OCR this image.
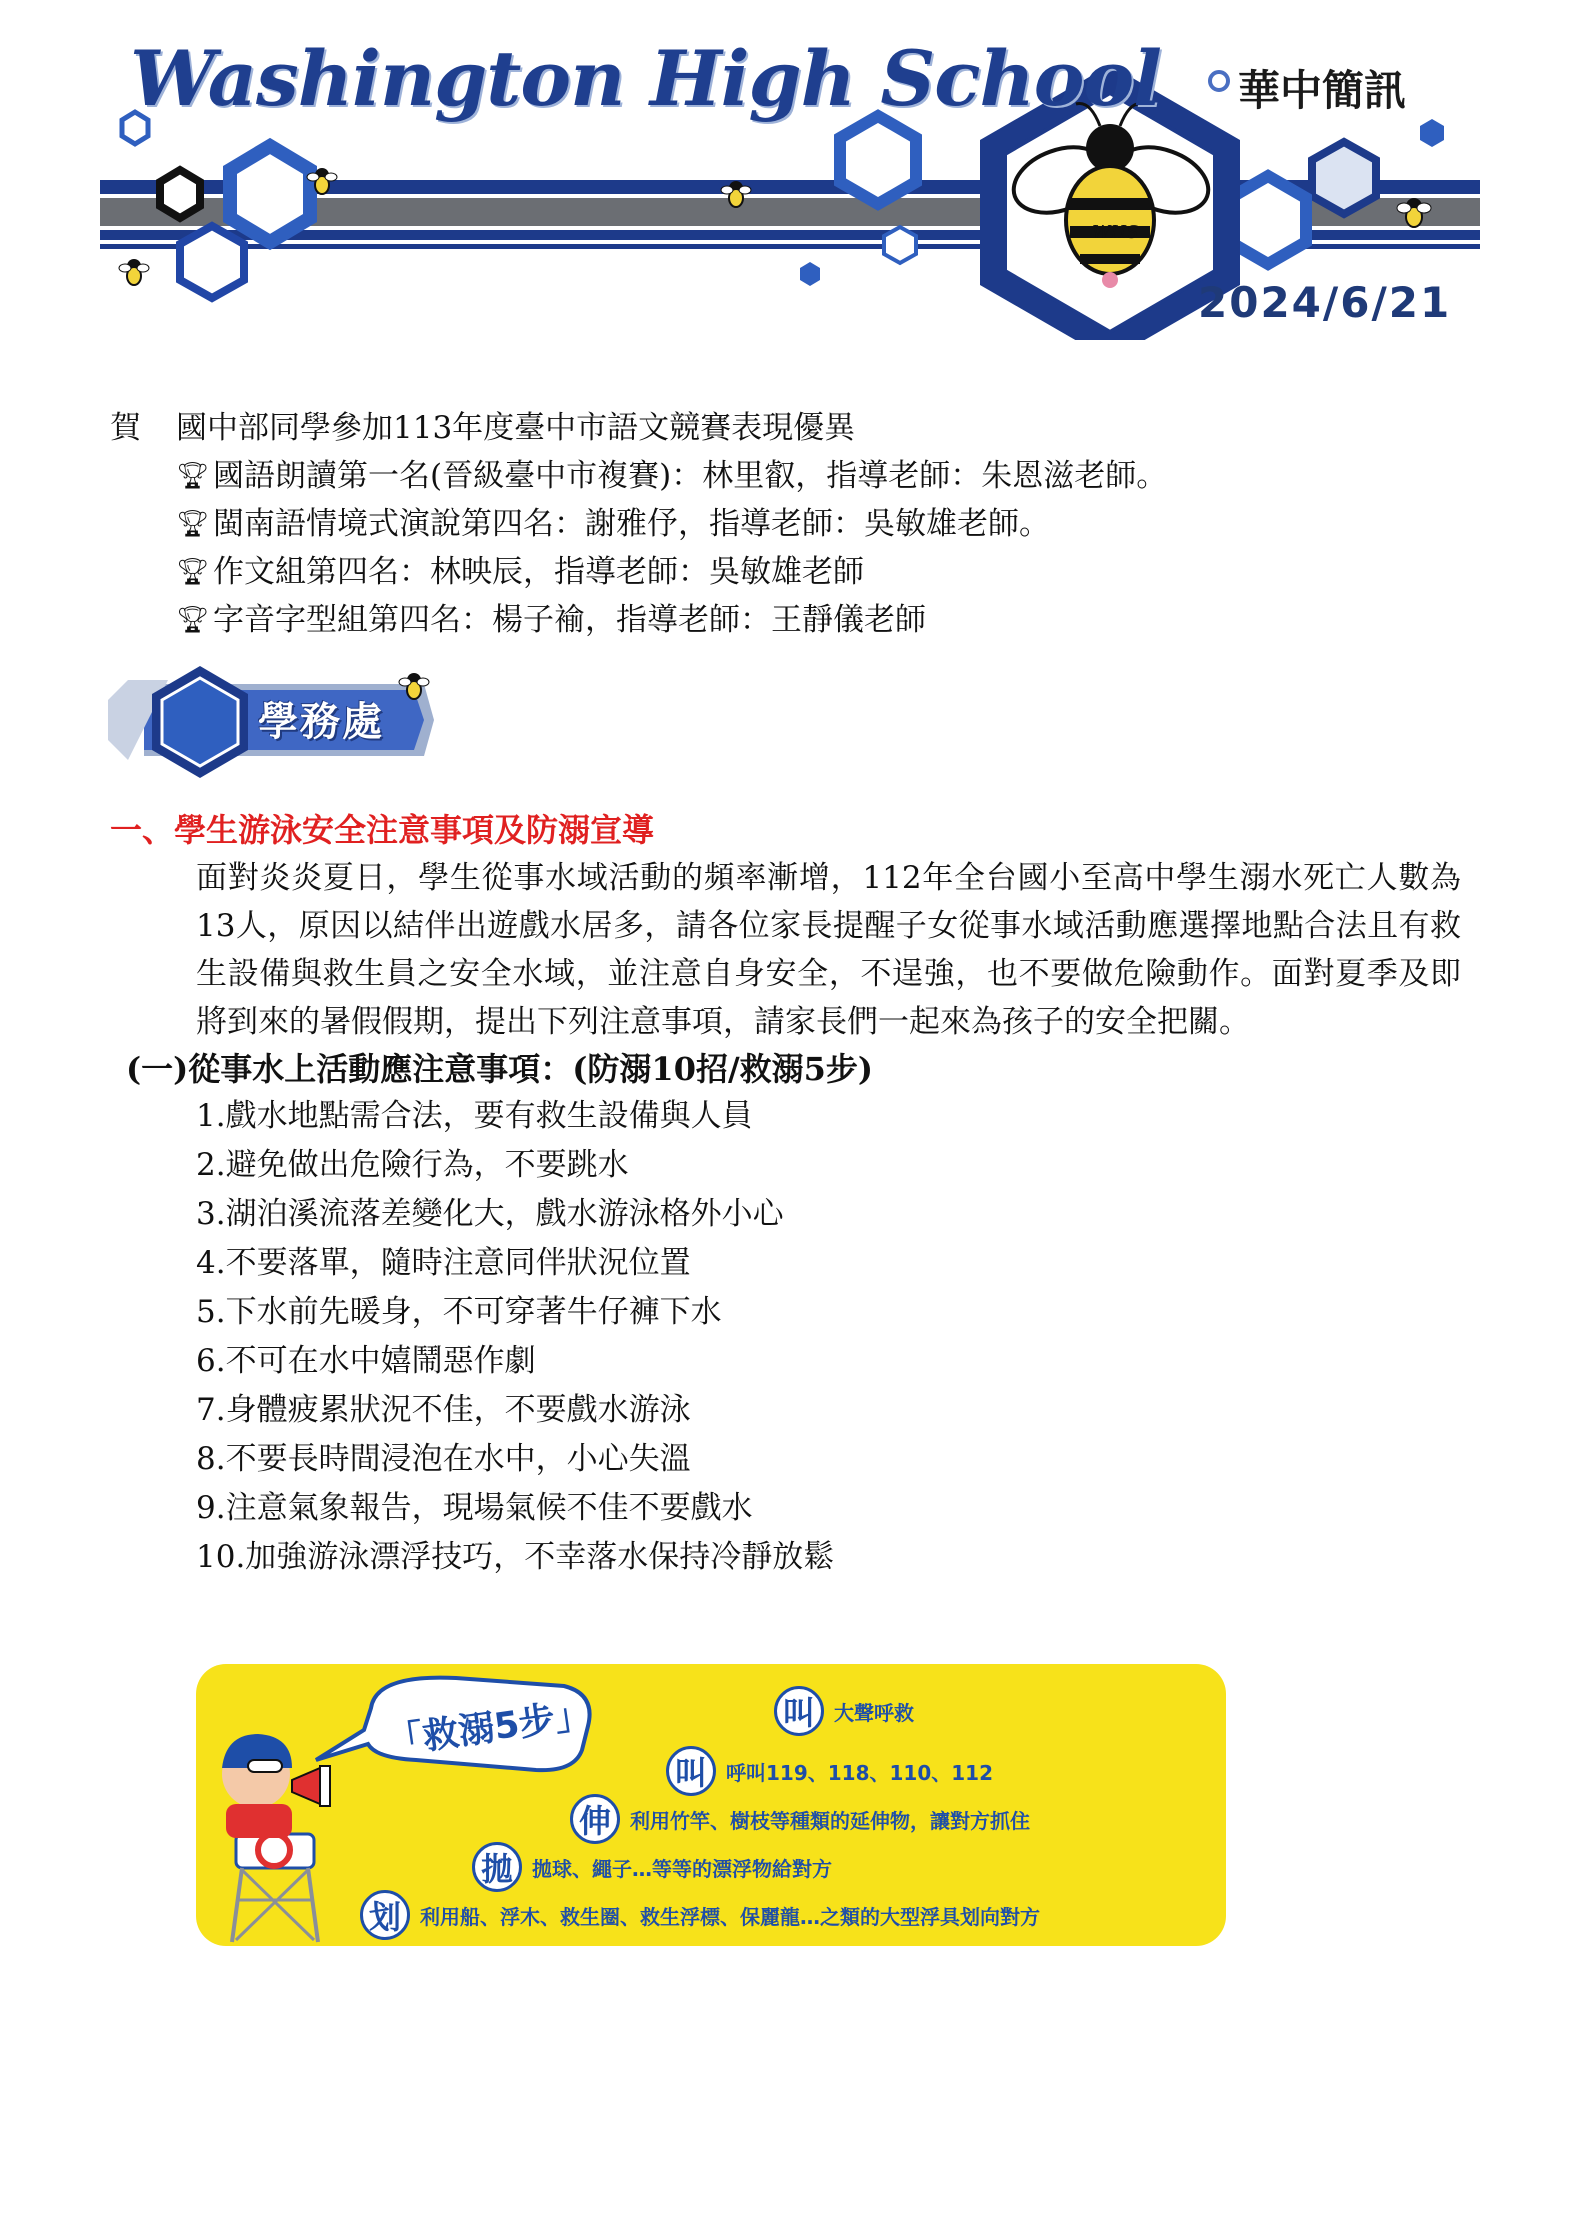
WHS
Washington High School 華中簡訊
2024/6/21
賀	國中部同學參加113年度臺中市語文競賽表現優異
🏆︎ 國語朗讀第一名(晉級臺中市複賽)：林里叡，指導老師：朱恩滋老師。
🏆︎ 閩南語情境式演說第四名：謝雅伃，指導老師：吳敏雄老師。
🏆︎ 作文組第四名：林映辰，指導老師：吳敏雄老師
🏆︎ 字音字型組第四名：楊子褕，指導老師：王靜儀老師
學務處
一、學生游泳安全注意事項及防溺宣導
面對炎炎夏日，學生從事水域活動的頻率漸增，112年全台國小至高中學生溺水死亡人數為13人，原因以結伴出遊戲水居多，請各位家長提醒子女從事水域活動應選擇地點合法且有救生設備與救生員之安全水域，並注意自身安全，不逞強，也不要做危險動作。面對夏季及即將到來的暑假假期，提出下列注意事項，請家長們一起來為孩子的安全把關。
(一)從事水上活動應注意事項：(防溺10招/救溺5步)
1.戲水地點需合法，要有救生設備與人員
2.避免做出危險行為，不要跳水
3.湖泊溪流落差變化大，戲水游泳格外小心
4.不要落單，隨時注意同伴狀況位置
5.下水前先暖身，不可穿著牛仔褲下水
6.不可在水中嬉鬧惡作劇
7.身體疲累狀況不佳，不要戲水游泳
8.不要長時間浸泡在水中，小心失溫
9.注意氣象報告，現場氣候不佳不要戲水
10.加強游泳漂浮技巧，不幸落水保持冷靜放鬆
「救溺5步」	叫 大聲呼救
叫 呼叫119、118、110、112
伸 利用竹竿、樹枝等種類的延伸物，讓對方抓住
拋 拋球、繩子…等等的漂浮物給對方
划 利用船、浮木、救生圈、救生浮標、保麗龍…之類的大型浮具划向對方
